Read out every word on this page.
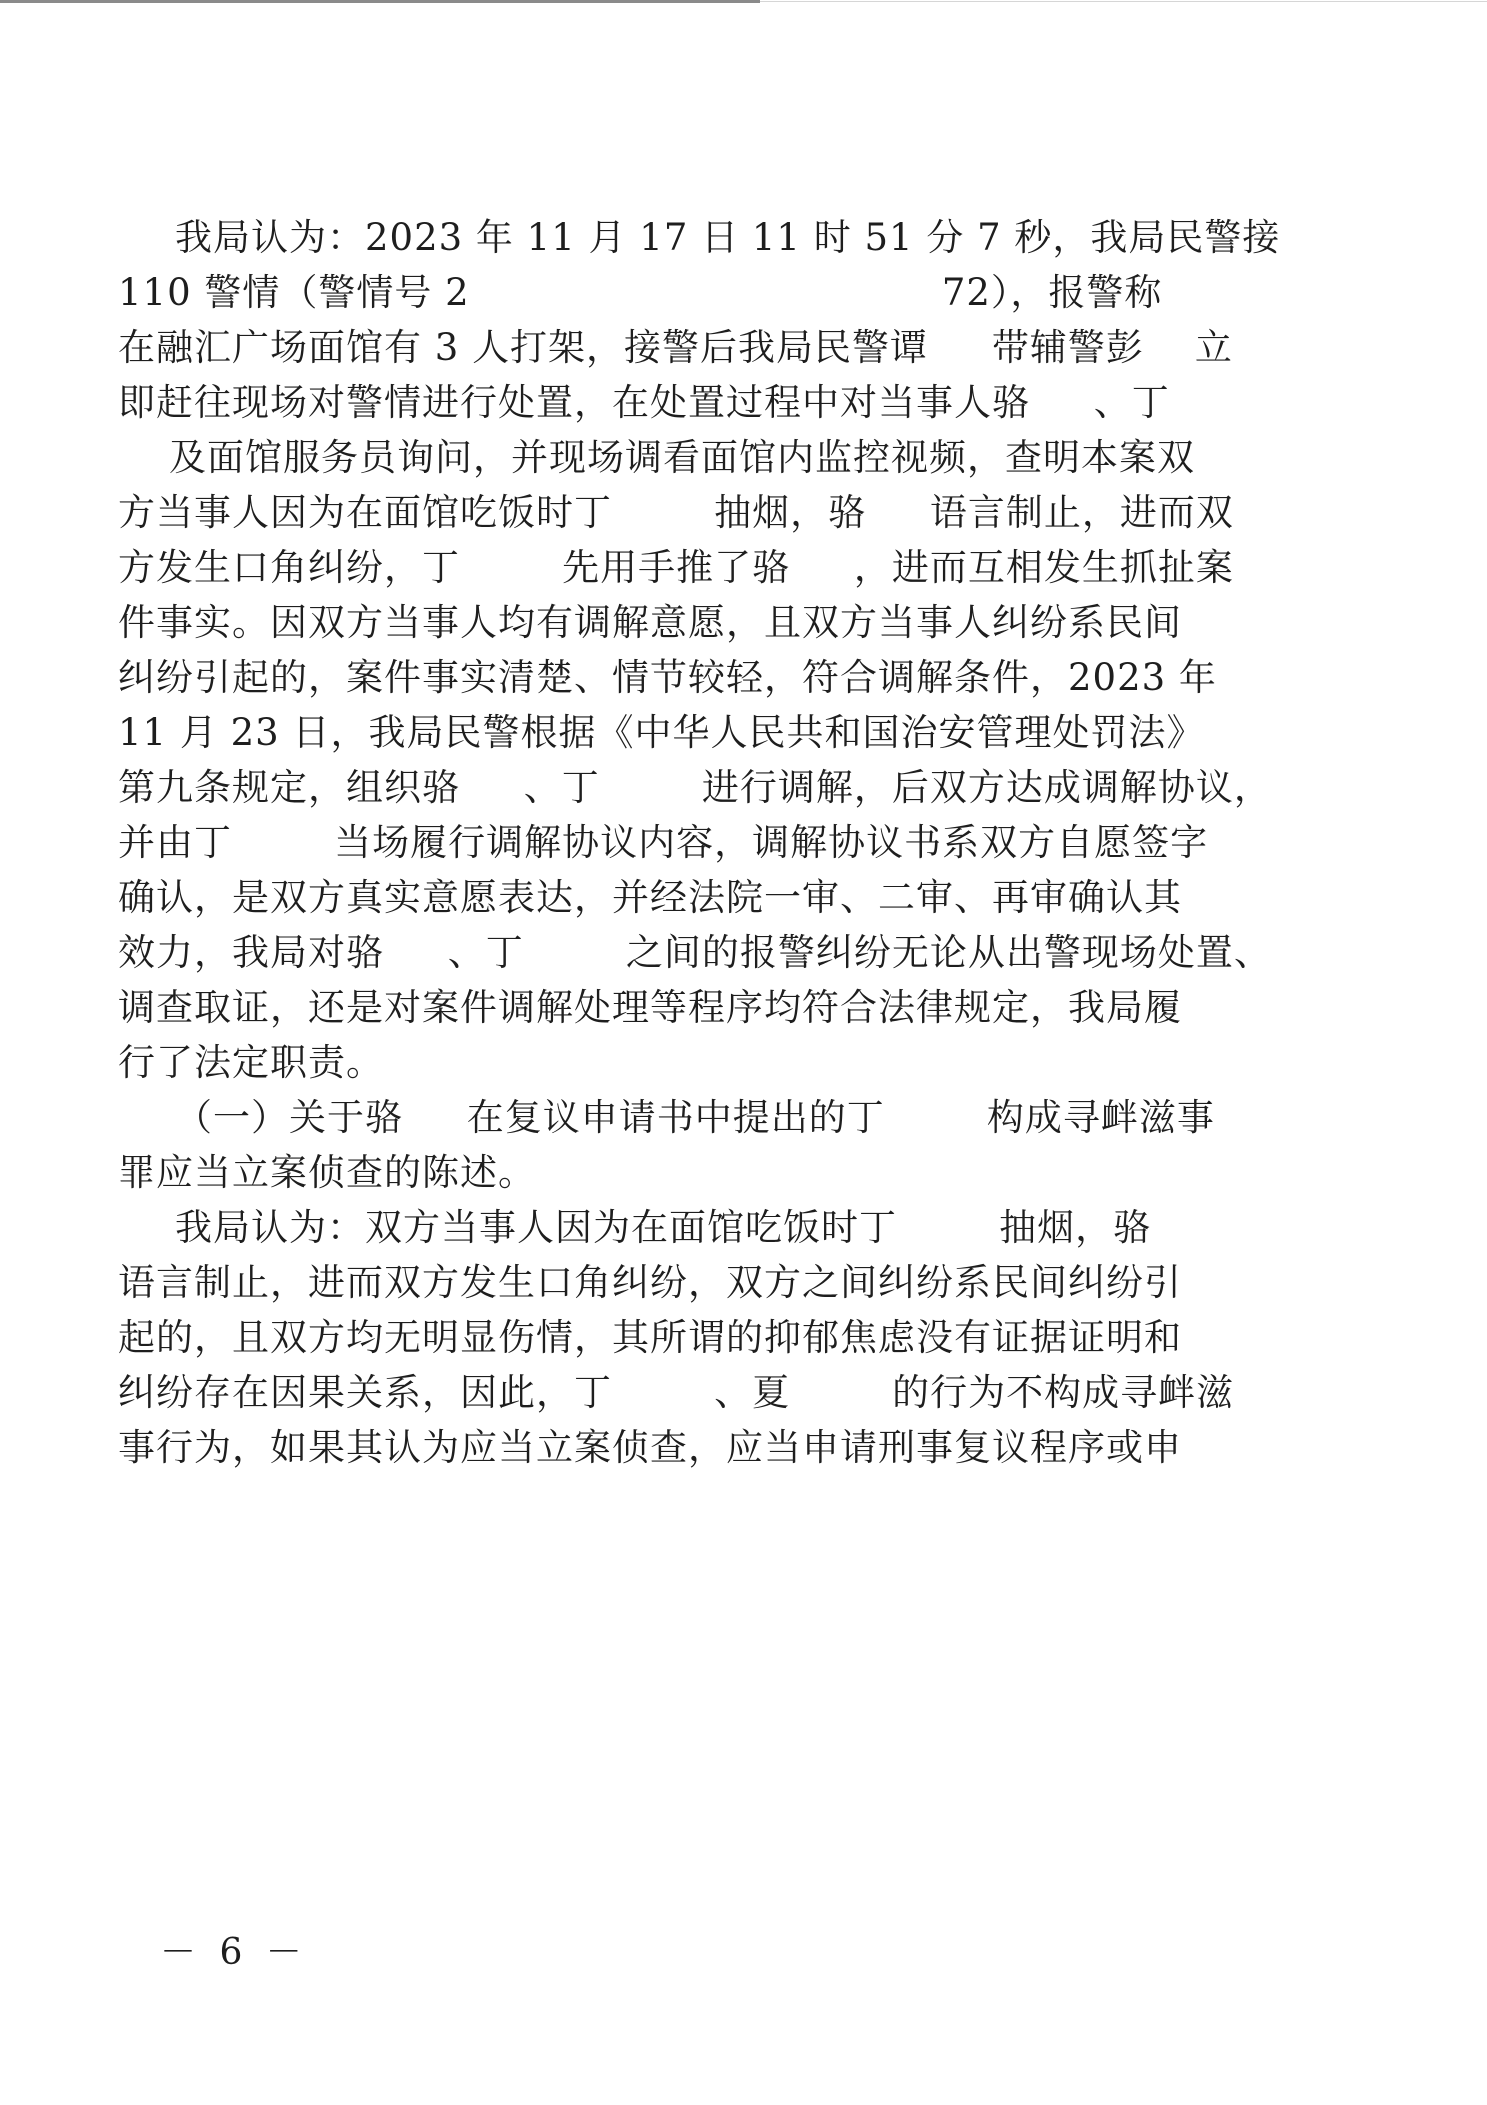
我局认为：2023 年 11 月 17 日 11 时 51 分 7 秒，我局民警接
110 警情（警情号 2                                     72），报警称
在融汇广场面馆有 3 人打架，接警后我局民警谭     带辅警彭    立
即赶往现场对警情进行处置，在处置过程中对当事人骆     、丁
及面馆服务员询问，并现场调看面馆内监控视频，查明本案双
方当事人因为在面馆吃饭时丁        抽烟，骆     语言制止，进而双
方发生口角纠纷，丁        先用手推了骆     ，进而互相发生抓扯案
件事实。因双方当事人均有调解意愿，且双方当事人纠纷系民间
纠纷引起的，案件事实清楚、情节较轻，符合调解条件，2023 年
11 月 23 日，我局民警根据《中华人民共和国治安管理处罚法》
第九条规定，组织骆     、丁        进行调解，后双方达成调解协议，
并由丁        当场履行调解协议内容，调解协议书系双方自愿签字
确认，是双方真实意愿表达，并经法院一审、二审、再审确认其
效力，我局对骆     、丁        之间的报警纠纷无论从出警现场处置、
调查取证，还是对案件调解处理等程序均符合法律规定，我局履
行了法定职责。
（一）关于骆     在复议申请书中提出的丁        构成寻衅滋事
罪应当立案侦查的陈述。
我局认为：双方当事人因为在面馆吃饭时丁        抽烟，骆
语言制止，进而双方发生口角纠纷，双方之间纠纷系民间纠纷引
起的，且双方均无明显伤情，其所谓的抑郁焦虑没有证据证明和
纠纷存在因果关系，因此，丁        、夏        的行为不构成寻衅滋
事行为，如果其认为应当立案侦查，应当申请刑事复议程序或申
－ 6 －
